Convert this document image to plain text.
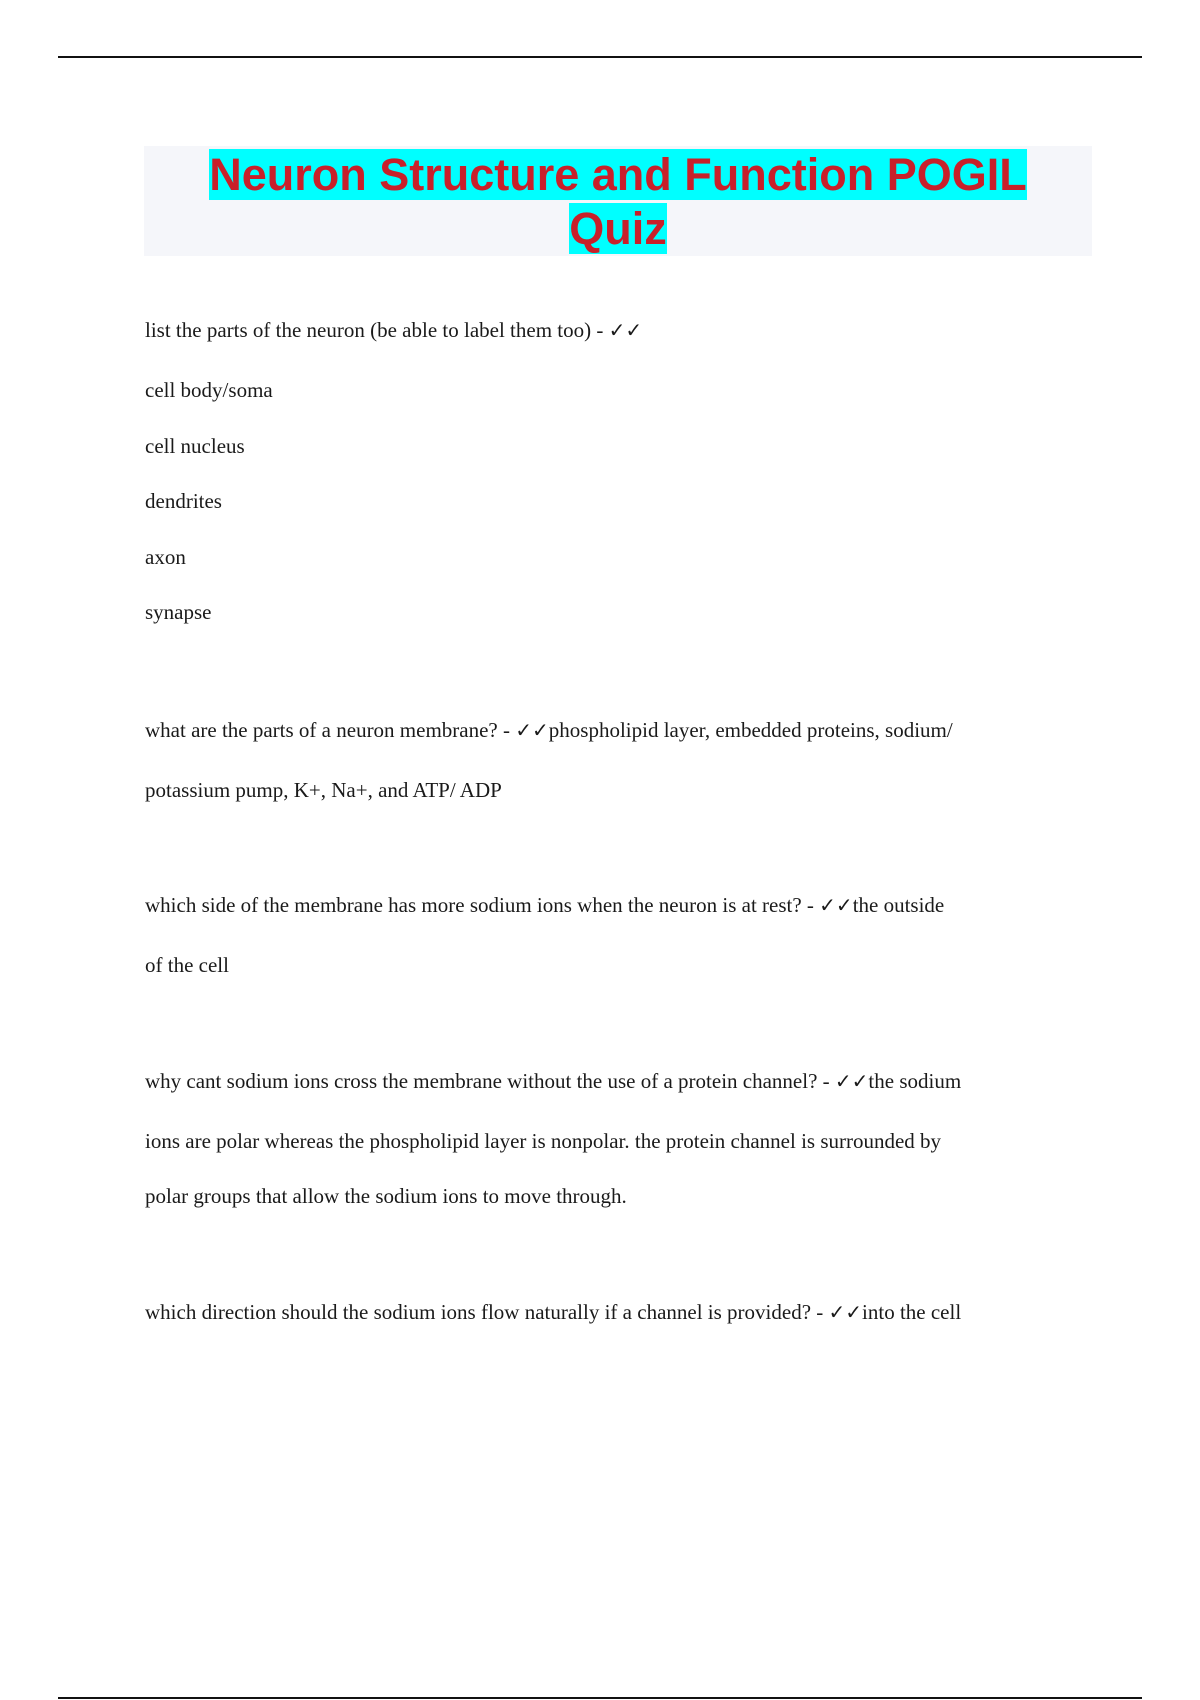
Neuron Structure and Function POGIL
Quiz
list the parts of the neuron (be able to label them too) - ✓✓
cell body/soma
cell nucleus
dendrites
axon
synapse
what are the parts of a neuron membrane? - ✓✓phospholipid layer, embedded proteins, sodium/
potassium pump, K+, Na+, and ATP/ ADP
which side of the membrane has more sodium ions when the neuron is at rest? - ✓✓the outside
of the cell
why cant sodium ions cross the membrane without the use of a protein channel? - ✓✓the sodium
ions are polar whereas the phospholipid layer is nonpolar. the protein channel is surrounded by
polar groups that allow the sodium ions to move through.
which direction should the sodium ions flow naturally if a channel is provided? - ✓✓into the cell
